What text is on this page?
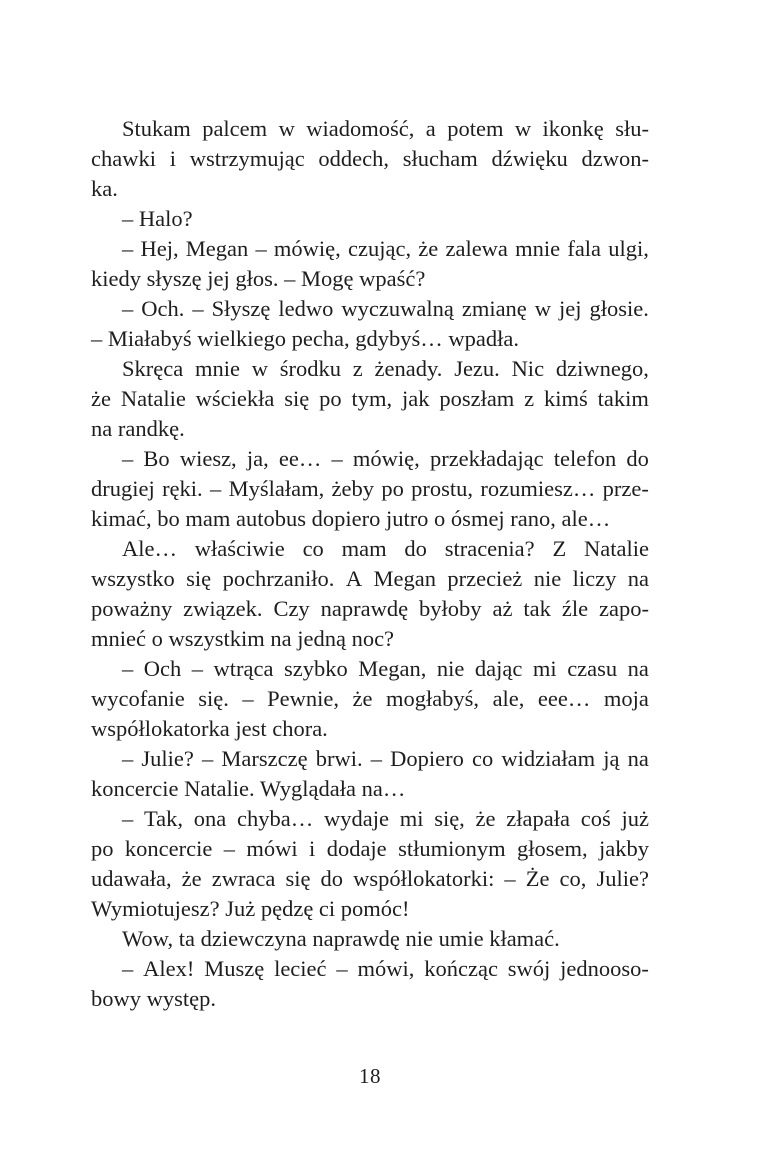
Stukam palcem w wiadomość, a potem w ikonkę słu-
chawki i wstrzymując oddech, słucham dźwięku dzwon-
ka.
– Halo?
– Hej, Megan – mówię, czując, że zalewa mnie fala ulgi,
kiedy słyszę jej głos. – Mogę wpaść?
– Och. – Słyszę ledwo wyczuwalną zmianę w jej głosie.
– Miałabyś wielkiego pecha, gdybyś… wpadła.
Skręca mnie w środku z żenady. Jezu. Nic dziwnego,
że Natalie wściekła się po tym, jak poszłam z kimś takim
na randkę.
– Bo wiesz, ja, ee… – mówię, przekładając telefon do
drugiej ręki. – Myślałam, żeby po prostu, rozumiesz… prze-
kimać, bo mam autobus dopiero jutro o ósmej rano, ale…
Ale… właściwie co mam do stracenia? Z Natalie
wszystko się pochrzaniło. A Megan przecież nie liczy na
poważny związek. Czy naprawdę byłoby aż tak źle zapo-
mnieć o wszystkim na jedną noc?
– Och – wtrąca szybko Megan, nie dając mi czasu na
wycofanie się. – Pewnie, że mogłabyś, ale, eee… moja
współlokatorka jest chora.
– Julie? – Marszczę brwi. – Dopiero co widziałam ją na
koncercie Natalie. Wyglądała na…
– Tak, ona chyba… wydaje mi się, że złapała coś już
po koncercie – mówi i dodaje stłumionym głosem, jakby
udawała, że zwraca się do współlokatorki: – Że co, Julie?
Wymiotujesz? Już pędzę ci pomóc!
Wow, ta dziewczyna naprawdę nie umie kłamać.
– Alex! Muszę lecieć – mówi, kończąc swój jednooso-
bowy występ.
18
